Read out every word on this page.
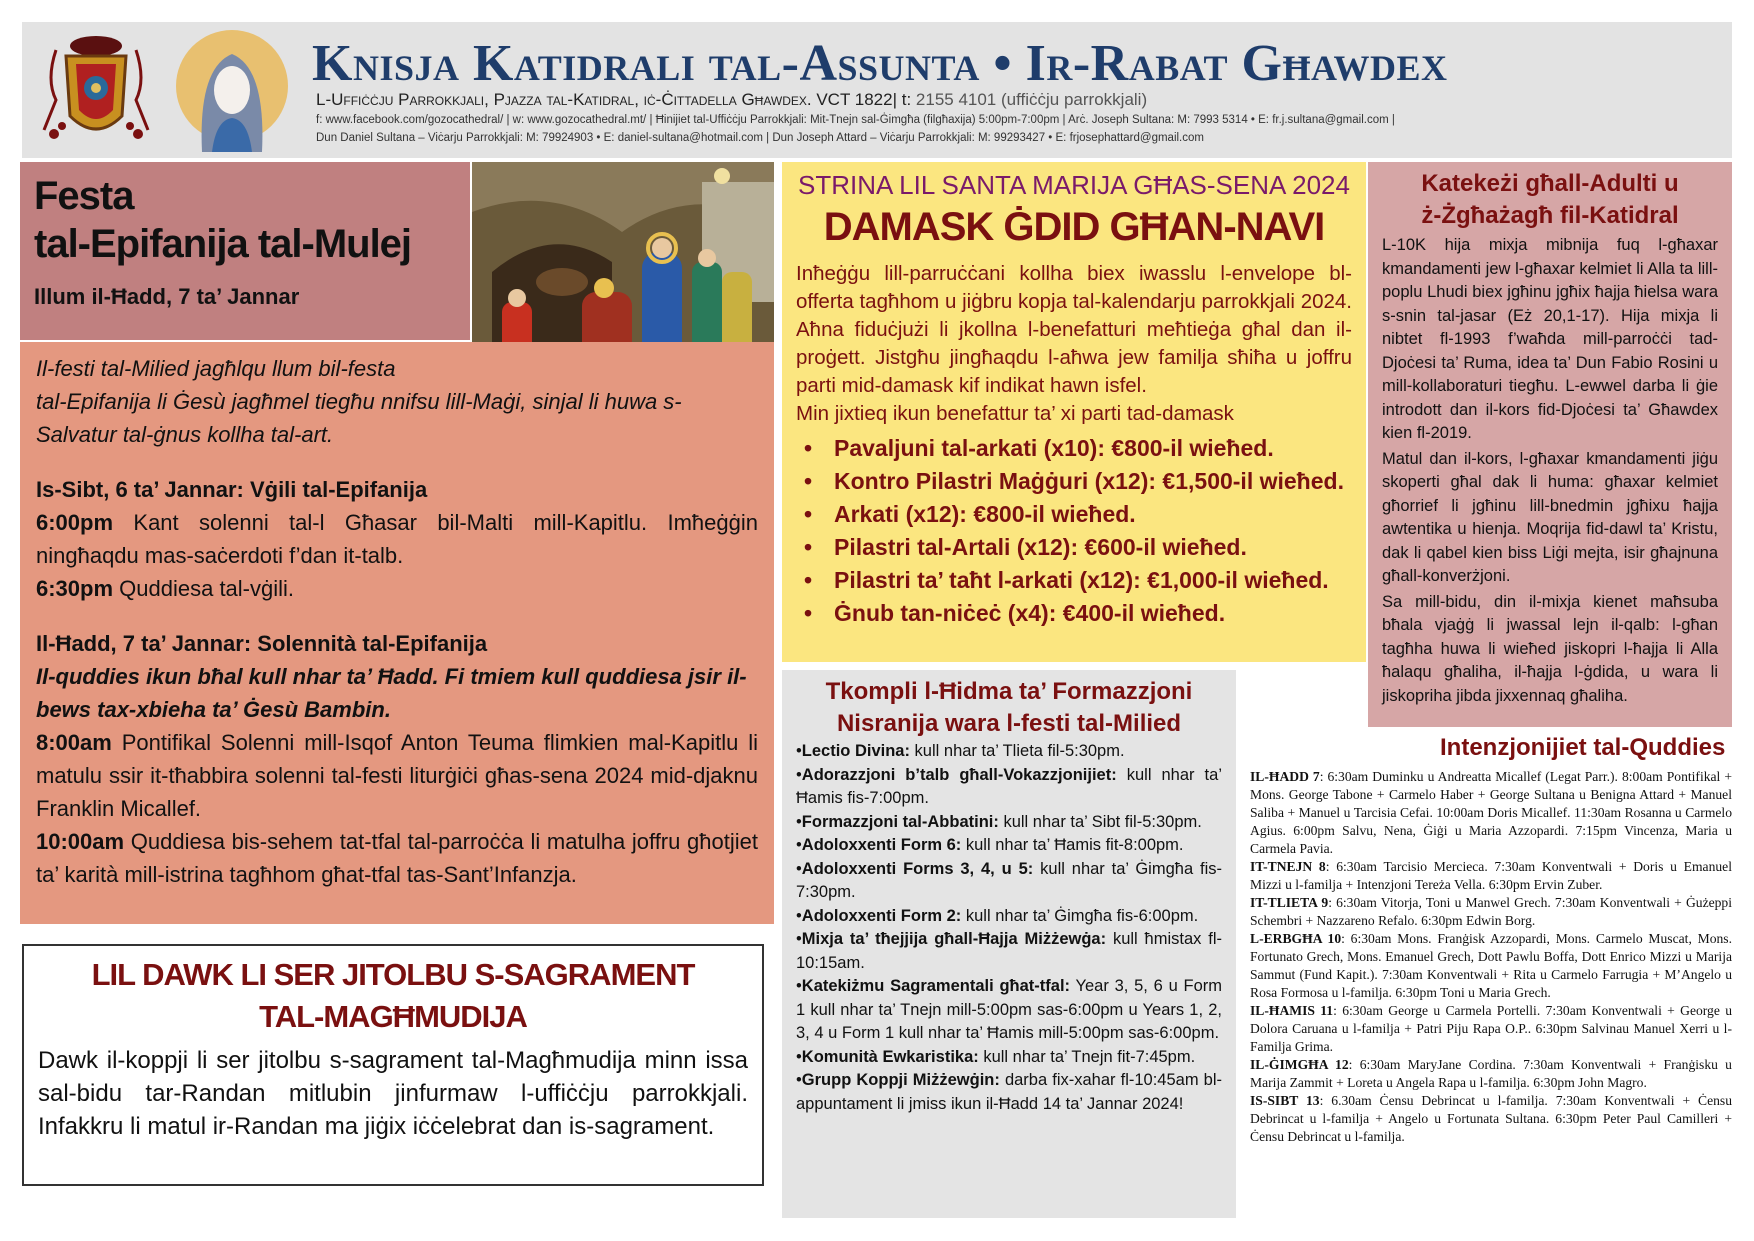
Knisja Katidrali tal-Assunta • Ir-Rabat Għawdex
L-Uffiċċju Parrokkjali, Pjazza tal-Katidral, iċ-Ċittadella Għawdex. VCT 1822| t: 2155 4101 (uffiċċju parrokkjali)
f: www.facebook.com/gozocathedral/ | w: www.gozocathedral.mt/ | Ħinijiet tal-Uffiċċju Parrokkjali: Mit-Tnejn sal-Ġimgħa (filgħaxija) 5:00pm-7:00pm | Arċ. Joseph Sultana: M: 7993 5314 • E: fr.j.sultana@gmail.com |
Dun Daniel Sultana – Viċarju Parrokkjali: M: 79924903 • E: daniel-sultana@hotmail.com | Dun Joseph Attard – Viċarju Parrokkjali: M: 99293427 • E: frjosephattard@gmail.com
Festa
tal-Epifanija tal-Mulej
Illum il-Ħadd, 7 ta’ Jannar

Il-festi tal-Milied jagħlqu llum bil-festa

tal-Epifanija li Ġesù jagħmel tiegħu nnifsu lill-Maġi, sinjal li huwa s-Salvatur tal-ġnus kollha tal-art.

Is-Sibt, 6 ta’ Jannar: Vġili tal-Epifanija

6:00pm Kant solenni tal-l Għasar bil-Malti mill-Kapitlu. Imħeġġin ningħaqdu mas-saċerdoti f’dan it-talb.

6:30pm Quddiesa tal-vġili.

Il-Ħadd, 7 ta’ Jannar: Solennità tal-Epifanija

Il-quddies ikun bħal kull nhar ta’ Ħadd. Fi tmiem kull quddiesa jsir il-bews tax-xbieha ta’ Ġesù Bambin.

8:00am Pontifikal Solenni mill-Isqof Anton Teuma flimkien mal-Kapitlu li matulu ssir it-tħabbira solenni tal-festi liturġiċi għas-sena 2024 mid-djaknu Franklin Micallef.

10:00am Quddiesa bis-sehem tat-tfal tal-parroċċa li matulha joffru għotjiet ta’ karità mill-istrina tagħhom għat-tfal tas-Sant’Infanzja.

STRINA LIL SANTA MARIJA GĦAS-SENA 2024
DAMASK ĠDID GĦAN-NAVI

Inħeġġu lill-parruċċani kollha biex iwasslu l-envelope bl-offerta tagħhom u jiġbru kopja tal-kalendarju parrokkjali 2024. Aħna fiduċjużi li jkollna l-benefatturi meħtieġa għal dan il-proġett. Jistgħu jingħaqdu l-aħwa jew familja sħiħa u joffru parti mid-damask kif indikat hawn isfel.

Min jixtieq ikun benefattur ta’ xi parti tad-damask

• Pavaljuni tal-arkati (x10): €800-il wieħed.
• Kontro Pilastri Maġġuri (x12): €1,500-il wieħed.
• Arkati (x12): €800-il wieħed.
• Pilastri tal-Artali (x12): €600-il wieħed.
• Pilastri ta’ taħt l-arkati (x12): €1,000-il wieħed.
• Ġnub tan-niċeċ (x4): €400-il wieħed.
Katekeżi għall-Adulti u
ż-Żgħażagħ fil-Katidral

L-10K hija mixja mibnija fuq l-għaxar kmandamenti jew l-għaxar kelmiet li Alla ta lill-poplu Lhudi biex jgħinu jgħix ħajja ħielsa wara s-snin tal-jasar (Eż 20,1-17). Hija mixja li nibtet fl-1993 f’waħda mill-parroċċi tad-Djoċesi ta’ Ruma, idea ta’ Dun Fabio Rosini u mill-kollaboraturi tiegħu. L-ewwel darba li ġie introdott dan il-kors fid-Djoċesi ta’ Għawdex kien fl-2019.

Matul dan il-kors, l-għaxar kmandamenti jiġu skoperti għal dak li huma: għaxar kelmiet għorrief li jgħinu lill-bnedmin jgħixu ħajja awtentika u hienja. Moqrija fid-dawl ta’ Kristu, dak li qabel kien biss Liġi mejta, isir għajnuna għall-konverżjoni.

Sa mill-bidu, din il-mixja kienet maħsuba bħala vjaġġ li jwassal lejn il-qalb: l-għan tagħha huwa li wieħed jiskopri l-ħajja li Alla ħalaqu għaliha, il-ħajja l-ġdida, u wara li jiskopriha jibda jixxennaq għaliha.

Tkompli l-Ħidma ta’ Formazzjoni
Nisranija wara l-festi tal-Milied

•Lectio Divina: kull nhar ta’ Tlieta fil-5:30pm.

•Adorazzjoni b’talb għall-Vokazzjonijiet: kull nhar ta’ Ħamis fis-7:00pm.

•Formazzjoni tal-Abbatini: kull nhar ta’ Sibt fil-5:30pm.

•Adoloxxenti Form 6: kull nhar ta’ Ħamis fit-8:00pm.

•Adoloxxenti Forms 3, 4, u 5: kull nhar ta’ Ġimgħa fis-7:30pm.

•Adoloxxenti Form 2: kull nhar ta’ Ġimgħa fis-6:00pm.

•Mixja ta’ tħejjija għall-Ħajja Miżżewġa: kull ħmistax fl-10:15am.

•Katekiżmu Sagramentali għat-tfal: Year 3, 5, 6 u Form 1 kull nhar ta’ Tnejn mill-5:00pm sas-6:00pm u Years 1, 2, 3, 4 u Form 1 kull nhar ta’ Ħamis mill-5:00pm sas-6:00pm.

•Komunità Ewkaristika: kull nhar ta’ Tnejn fit-7:45pm.

•Grupp Koppji Miżżewġin: darba fix-xahar fl-10:45am bl-appuntament li jmiss ikun il-Ħadd 14 ta’ Jannar 2024!

Intenzjonijiet tal-Quddies

IL-ĦADD 7: 6:30am Duminku u Andreatta Micallef (Legat Parr.). 8:00am Pontifikal + Mons. George Tabone + Carmelo Haber + George Sultana u Benigna Attard + Manuel Saliba + Manuel u Tarcisia Cefai. 10:00am Doris Micallef. 11:30am Rosanna u Carmelo Agius. 6:00pm Salvu, Nena, Ġiġi u Maria Azzopardi. 7:15pm Vincenza, Maria u Carmela Pavia.

IT-TNEJN 8: 6:30am Tarcisio Mercieca. 7:30am Konventwali + Doris u Emanuel Mizzi u l-familja + Intenzjoni Tereża Vella. 6:30pm Ervin Zuber.

IT-TLIETA 9: 6:30am Vitorja, Toni u Manwel Grech. 7:30am Konventwali + Ġużeppi Schembri + Nazzareno Refalo. 6:30pm Edwin Borg.

L-ERBGĦA 10: 6:30am Mons. Franġisk Azzopardi, Mons. Carmelo Muscat, Mons. Fortunato Grech, Mons. Emanuel Grech, Dott Pawlu Boffa, Dott Enrico Mizzi u Marija Sammut (Fund Kapit.). 7:30am Konventwali + Rita u Carmelo Farrugia + M’Angelo u Rosa Formosa u l-familja. 6:30pm Toni u Maria Grech.

IL-ĦAMIS 11: 6:30am George u Carmela Portelli. 7:30am Konventwali + George u Dolora Caruana u l-familja + Patri Piju Rapa O.P.. 6:30pm Salvinau Manuel Xerri u l-Familja Grima.

IL-ĠIMGĦA 12: 6:30am MaryJane Cordina. 7:30am Konventwali + Franġisku u Marija Zammit + Loreta u Angela Rapa u l-familja. 6:30pm John Magro.

IS-SIBT 13: 6.30am Ċensu Debrincat u l-familja. 7:30am Konventwali + Ċensu Debrincat u l-familja + Angelo u Fortunata Sultana. 6:30pm Peter Paul Camilleri + Ċensu Debrincat u l-familja.

LIL DAWK LI SER JITOLBU S-SAGRAMENT
TAL-MAGĦMUDIJA

Dawk il-koppji li ser jitolbu s-sagrament tal-Magħmudija minn issa sal-bidu tar-Randan mitlubin jinfurmaw l-uffiċċju parrokkjali. Infakkru li matul ir-Randan ma jiġix iċċelebrat dan is-sagrament.
